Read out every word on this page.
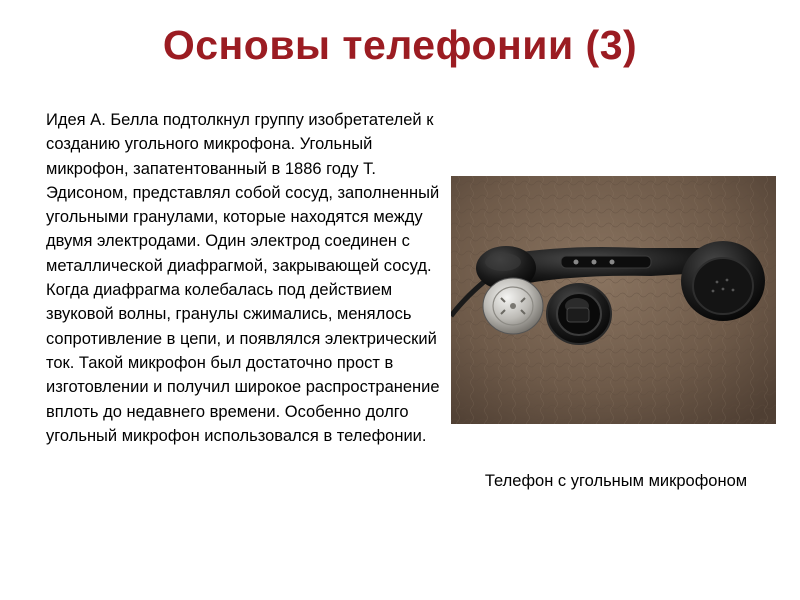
Основы телефонии (3)
Идея А. Белла подтолкнул группу изобретателей к созданию угольного микрофона. Угольный микрофон, запатентованный в 1886 году Т. Эдисоном, представлял собой сосуд, заполненный угольными гранулами, которые находятся между двумя электродами. Один электрод соединен с металлической диафрагмой, закрывающей сосуд. Когда диафрагма колебалась под действием звуковой волны, гранулы сжимались, менялось сопротивление в цепи, и появлялся электрический ток. Такой микрофон был достаточно прост в изготовлении и получил широкое распространение вплоть до недавнего времени. Особенно долго угольный микрофон использовался в телефонии.
Телефон с угольным микрофоном
